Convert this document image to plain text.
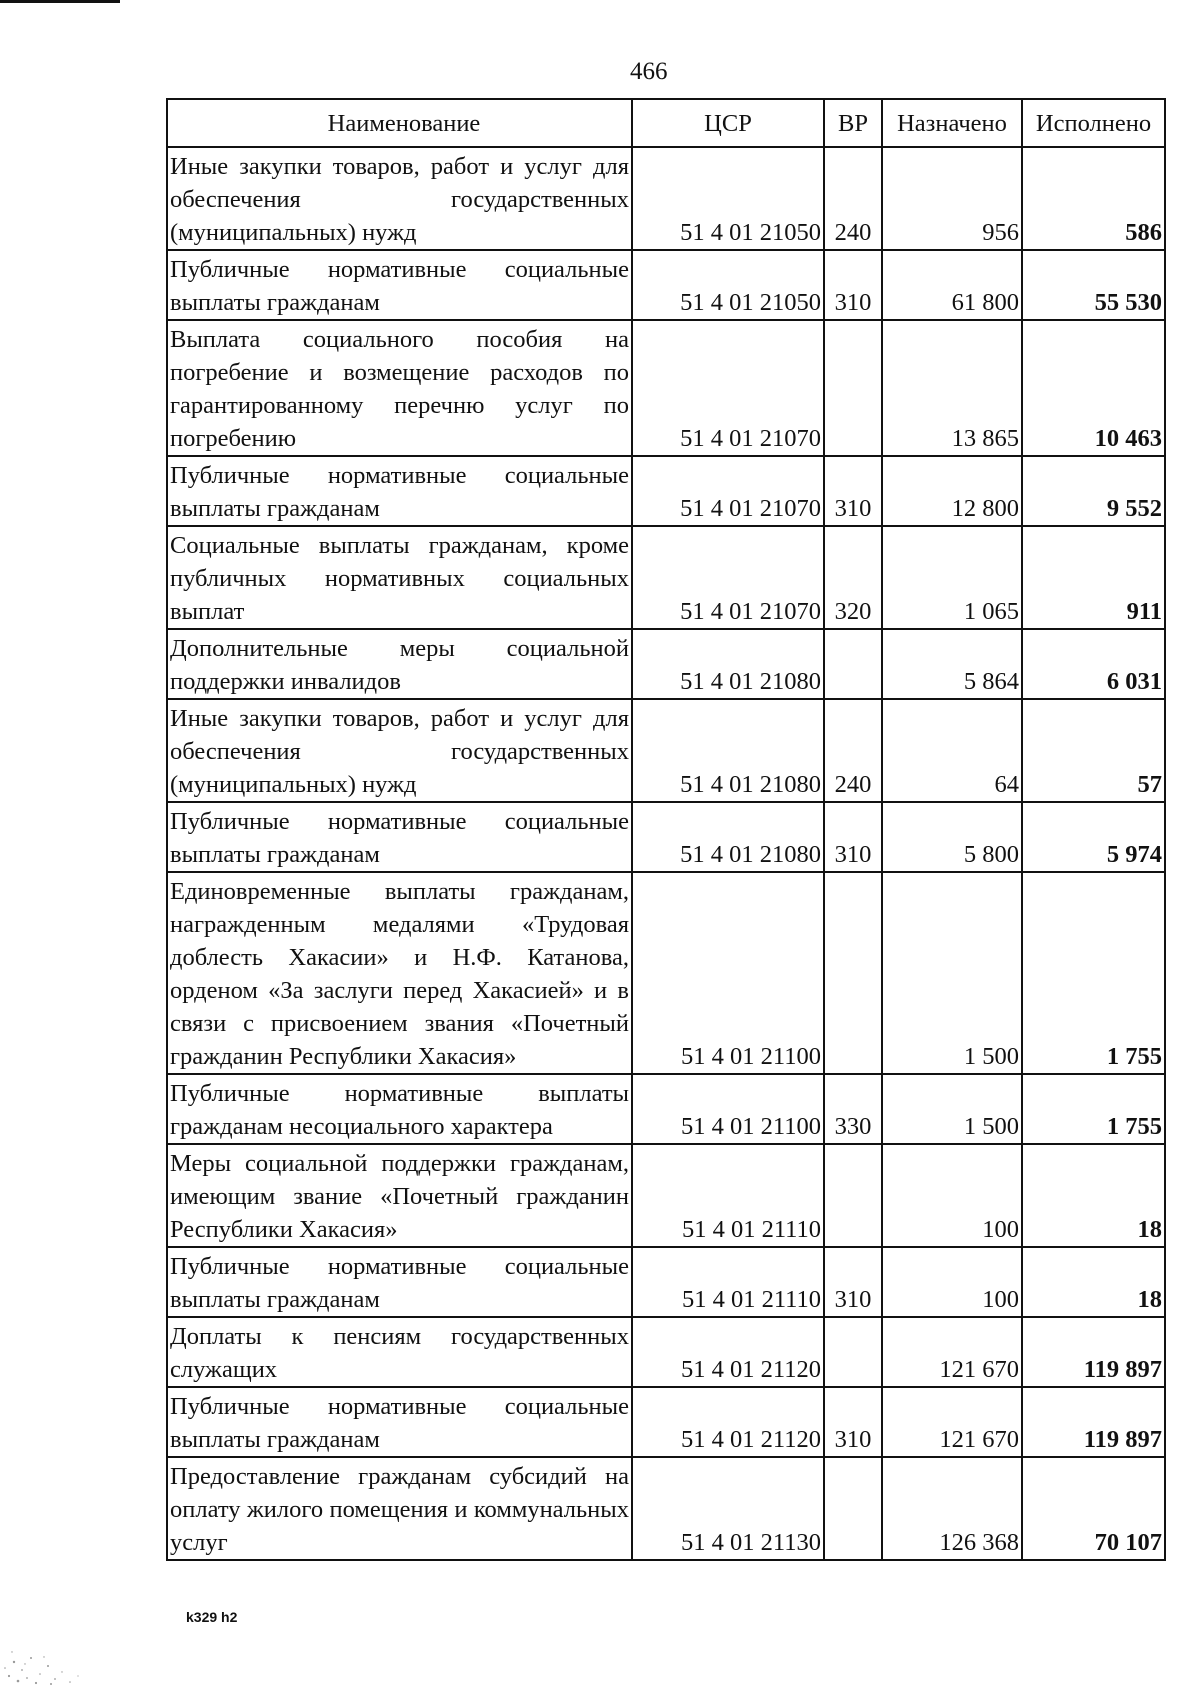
466
Наименование	ЦСР	ВР	Назначено	Исполнено
Иные закупки товаров, работ и услуг для обеспечения государственных (муниципальных) нужд	51 4 01 21050	240	956	586
Публичные нормативные социальные выплаты гражданам	51 4 01 21050	310	61 800	55 530
Выплата социального пособия на погребение и возмещение расходов по гарантированному перечню услуг по погребению	51 4 01 21070		13 865	10 463
Публичные нормативные социальные выплаты гражданам	51 4 01 21070	310	12 800	9 552
Социальные выплаты гражданам, кроме публичных нормативных социальных выплат	51 4 01 21070	320	1 065	911
Дополнительные меры социальной поддержки инвалидов	51 4 01 21080		5 864	6 031
Иные закупки товаров, работ и услуг для обеспечения государственных (муниципальных) нужд	51 4 01 21080	240	64	57
Публичные нормативные социальные выплаты гражданам	51 4 01 21080	310	5 800	5 974
Единовременные выплаты гражданам, награжденным медалями «Трудовая доблесть Хакасии» и Н.Ф. Катанова, орденом «За заслуги перед Хакасией» и в связи с присвоением звания «Почетный гражданин Республики Хакасия»	51 4 01 21100		1 500	1 755
Публичные нормативные выплаты гражданам несоциального характера	51 4 01 21100	330	1 500	1 755
Меры социальной поддержки гражданам, имеющим звание «Почетный гражданин Республики Хакасия»	51 4 01 21110		100	18
Публичные нормативные социальные выплаты гражданам	51 4 01 21110	310	100	18
Доплаты к пенсиям государственных служащих	51 4 01 21120		121 670	119 897
Публичные нормативные социальные выплаты гражданам	51 4 01 21120	310	121 670	119 897
Предоставление гражданам субсидий на оплату жилого помещения и коммунальных услуг	51 4 01 21130		126 368	70 107
k329 h2
